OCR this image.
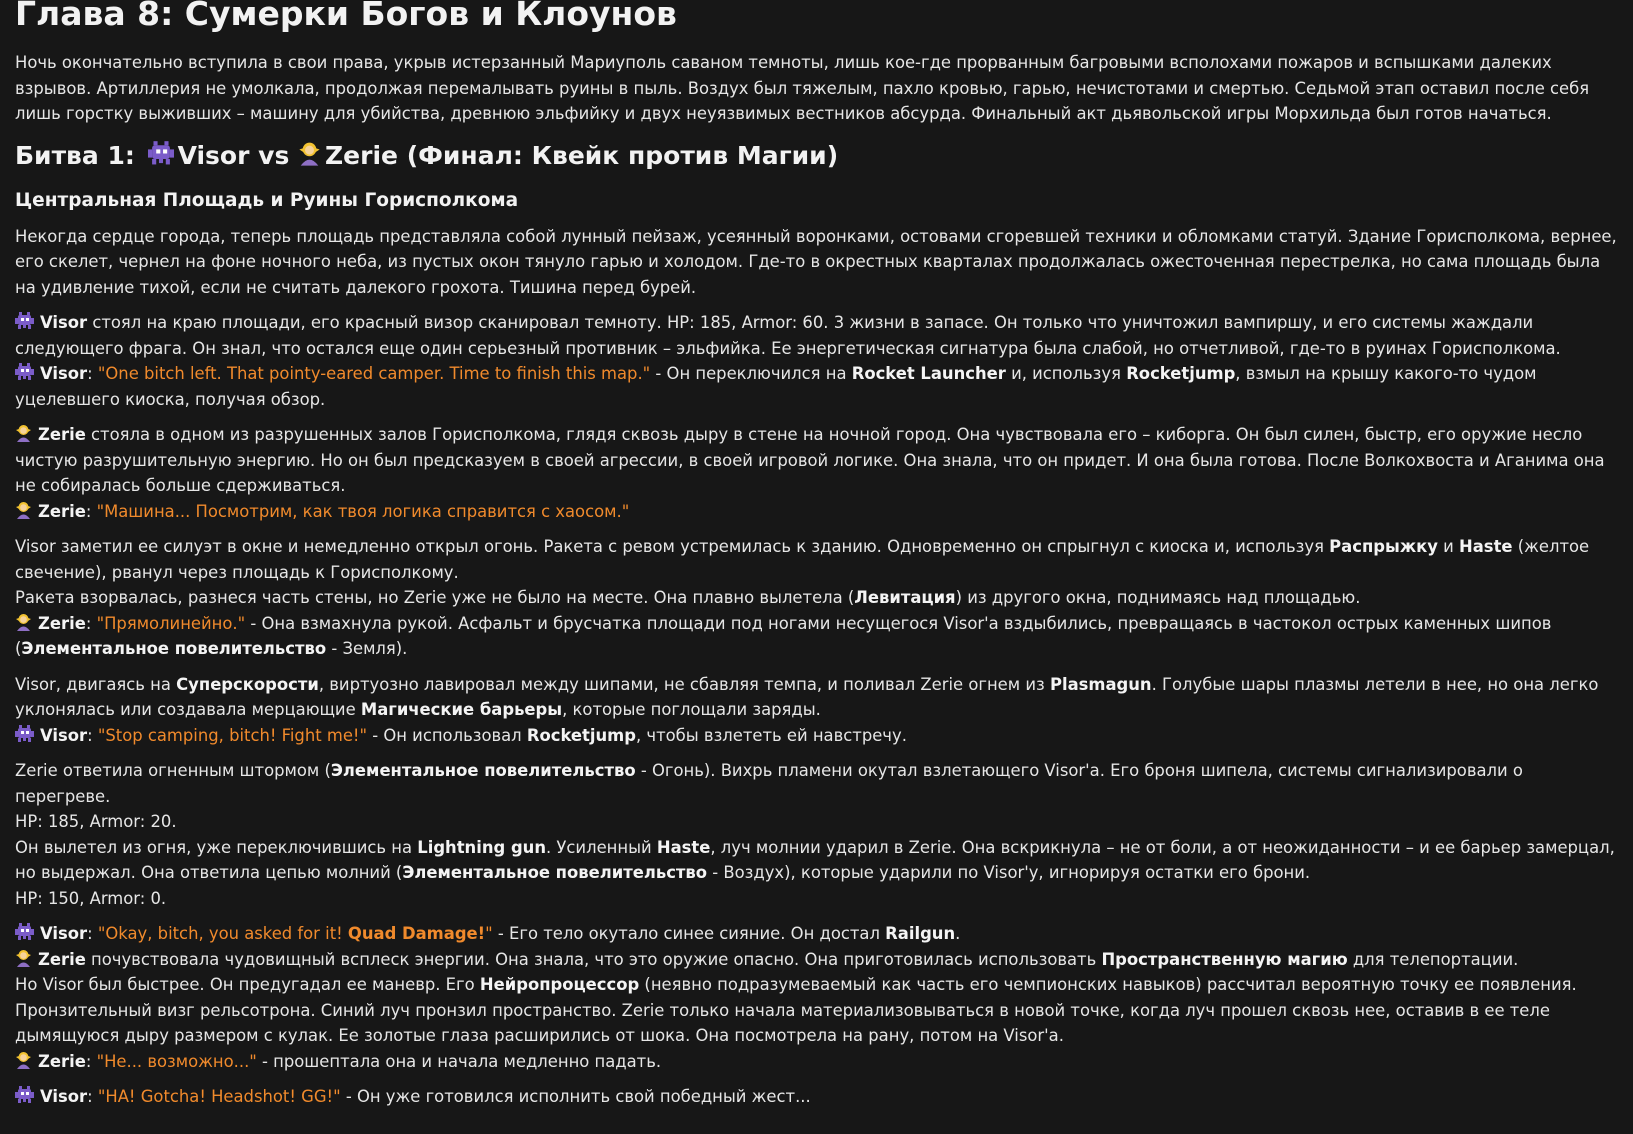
Глава 8: Сумерки Богов и Клоунов

Ночь окончательно вступила в свои права, укрыв истерзанный Мариуполь саваном темноты, лишь кое-где прорванным багровыми всполохами пожаров и вспышками далеких взрывов. Артиллерия не умолкала, продолжая перемалывать руины в пыль. Воздух был тяжелым, пахло кровью, гарью, нечистотами и смертью. Седьмой этап оставил после себя лишь горстку выживших – машину для убийства, древнюю эльфийку и двух неуязвимых вестников абсурда. Финальный акт дьявольской игры Морхильда был готов начаться.

Битва 1: Visor vs Zerie (Финал: Квейк против Магии)
Центральная Площадь и Руины Горисполкома

Некогда сердце города, теперь площадь представляла собой лунный пейзаж, усеянный воронками, остовами сгоревшей техники и обломками статуй. Здание Горисполкома, вернее, его скелет, чернел на фоне ночного неба, из пустых окон тянуло гарью и холодом. Где-то в окрестных кварталах продолжалась ожесточенная перестрелка, но сама площадь была на удивление тихой, если не считать далекого грохота. Тишина перед бурей.

Visor стоял на краю площади, его красный визор сканировал темноту. HP: 185, Armor: 60. 3 жизни в запасе. Он только что уничтожил вампиршу, и его системы жаждали следующего фрага. Он знал, что остался еще один серьезный противник – эльфийка. Ее энергетическая сигнатура была слабой, но отчетливой, где-то в руинах Горисполкома.

Visor: "One bitch left. That pointy-eared camper. Time to finish this map." - Он переключился на Rocket Launcher и, используя Rocketjump, взмыл на крышу какого-то чудом уцелевшего киоска, получая обзор.

Zerie стояла в одном из разрушенных залов Горисполкома, глядя сквозь дыру в стене на ночной город. Она чувствовала его – киборга. Он был силен, быстр, его оружие несло чистую разрушительную энергию. Но он был предсказуем в своей агрессии, в своей игровой логике. Она знала, что он придет. И она была готова. После Волкохвоста и Аганима она не собиралась больше сдерживаться.

Zerie: "Машина... Посмотрим, как твоя логика справится с хаосом."

Visor заметил ее силуэт в окне и немедленно открыл огонь. Ракета с ревом устремилась к зданию. Одновременно он спрыгнул с киоска и, используя Распрыжку и Haste (желтое свечение), рванул через площадь к Горисполкому.

Ракета взорвалась, разнеся часть стены, но Zerie уже не было на месте. Она плавно вылетела (Левитация) из другого окна, поднимаясь над площадью.

Zerie: "Прямолинейно." - Она взмахнула рукой. Асфальт и брусчатка площади под ногами несущегося Visor'а вздыбились, превращаясь в частокол острых каменных шипов (Элементальное повелительство - Земля).

Visor, двигаясь на Суперскорости, виртуозно лавировал между шипами, не сбавляя темпа, и поливал Zerie огнем из Plasmagun. Голубые шары плазмы летели в нее, но она легко уклонялась или создавала мерцающие Магические барьеры, которые поглощали заряды.

Visor: "Stop camping, bitch! Fight me!" - Он использовал Rocketjump, чтобы взлететь ей навстречу.

Zerie ответила огненным штормом (Элементальное повелительство - Огонь). Вихрь пламени окутал взлетающего Visor'а. Его броня шипела, системы сигнализировали о перегреве.

HP: 185, Armor: 20.

Он вылетел из огня, уже переключившись на Lightning gun. Усиленный Haste, луч молнии ударил в Zerie. Она вскрикнула – не от боли, а от неожиданности – и ее барьер замерцал, но выдержал. Она ответила цепью молний (Элементальное повелительство - Воздух), которые ударили по Visor'у, игнорируя остатки его брони.

HP: 150, Armor: 0.

Visor: "Okay, bitch, you asked for it! Quad Damage!" - Его тело окутало синее сияние. Он достал Railgun.

Zerie почувствовала чудовищный всплеск энергии. Она знала, что это оружие опасно. Она приготовилась использовать Пространственную магию для телепортации.

Но Visor был быстрее. Он предугадал ее маневр. Его Нейропроцессор (неявно подразумеваемый как часть его чемпионских навыков) рассчитал вероятную точку ее появления.

Пронзительный визг рельсотрона. Синий луч пронзил пространство. Zerie только начала материализовываться в новой точке, когда луч прошел сквозь нее, оставив в ее теле дымящуюся дыру размером с кулак. Ее золотые глаза расширились от шока. Она посмотрела на рану, потом на Visor'а.

Zerie: "Не... возможно..." - прошептала она и начала медленно падать.

Visor: "HA! Gotcha! Headshot! GG!" - Он уже готовился исполнить свой победный жест...
